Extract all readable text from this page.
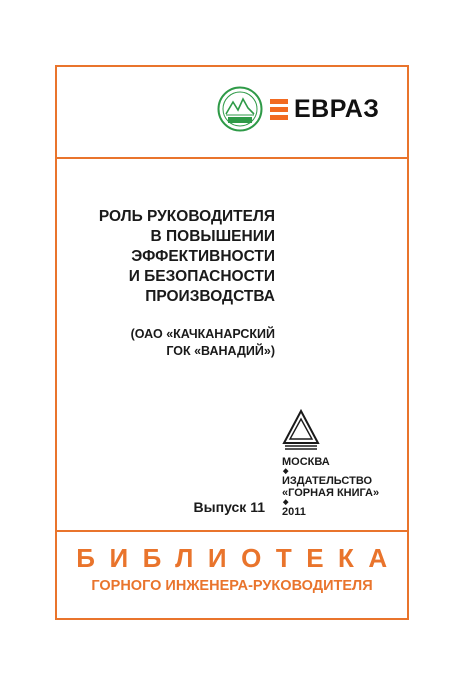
ЕВРАЗ
РОЛЬ РУКОВОДИТЕЛЯ
В ПОВЫШЕНИИ
ЭФФЕКТИВНОСТИ
И БЕЗОПАСНОСТИ
ПРОИЗВОДСТВА
(ОАО «КАЧКАНАРСКИЙ
ГОК «ВАНАДИЙ»)
МОСКВА
◆
ИЗДАТЕЛЬСТВО
«ГОРНАЯ КНИГА»
◆
2011
Выпуск 11
БИБЛИОТЕКА
ГОРНОГО ИНЖЕНЕРА-РУКОВОДИТЕЛЯ
